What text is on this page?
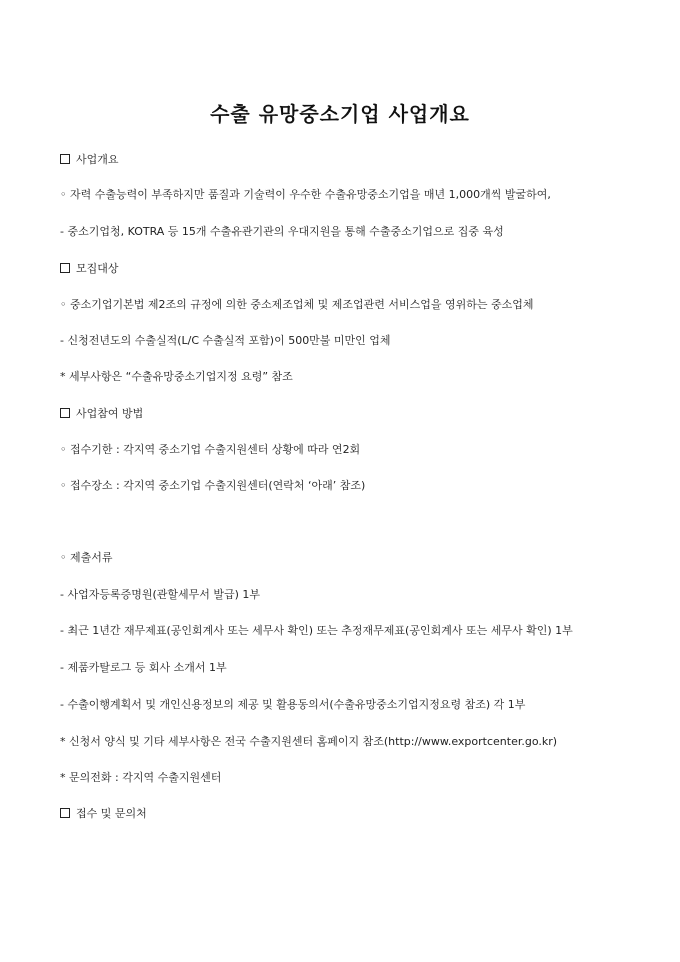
수출 유망중소기업 사업개요
사업개요
◦ 자력 수출능력이 부족하지만 품질과 기술력이 우수한 수출유망중소기업을 매년 1,000개씩 발굴하여,
- 중소기업청, KOTRA 등 15개 수출유관기관의 우대지원을 통해 수출중소기업으로 집중 육성
모집대상
◦ 중소기업기본법 제2조의 규정에 의한 중소제조업체 및 제조업관련 서비스업을 영위하는 중소업체
- 신청전년도의 수출실적(L/C 수출실적 포함)이 500만불 미만인 업체
* 세부사항은 “수출유망중소기업지정 요령” 참조
사업참여 방법
◦ 접수기한 : 각지역 중소기업 수출지원센터 상황에 따라 연2회
◦ 접수장소 : 각지역 중소기업 수출지원센터(연락처 ‘아래’ 참조)
◦ 제출서류
- 사업자등록증명원(관할세무서 발급) 1부
- 최근 1년간 재무제표(공인회계사 또는 세무사 확인) 또는 추정재무제표(공인회계사 또는 세무사 확인) 1부
- 제품카탈로그 등 회사 소개서 1부
- 수출이행계획서 및 개인신용정보의 제공 및 활용동의서(수출유망중소기업지정요령 참조) 각 1부
* 신청서 양식 및 기타 세부사항은 전국 수출지원센터 홈페이지 참조(http://www.exportcenter.go.kr)
* 문의전화 : 각지역 수출지원센터
접수 및 문의처
